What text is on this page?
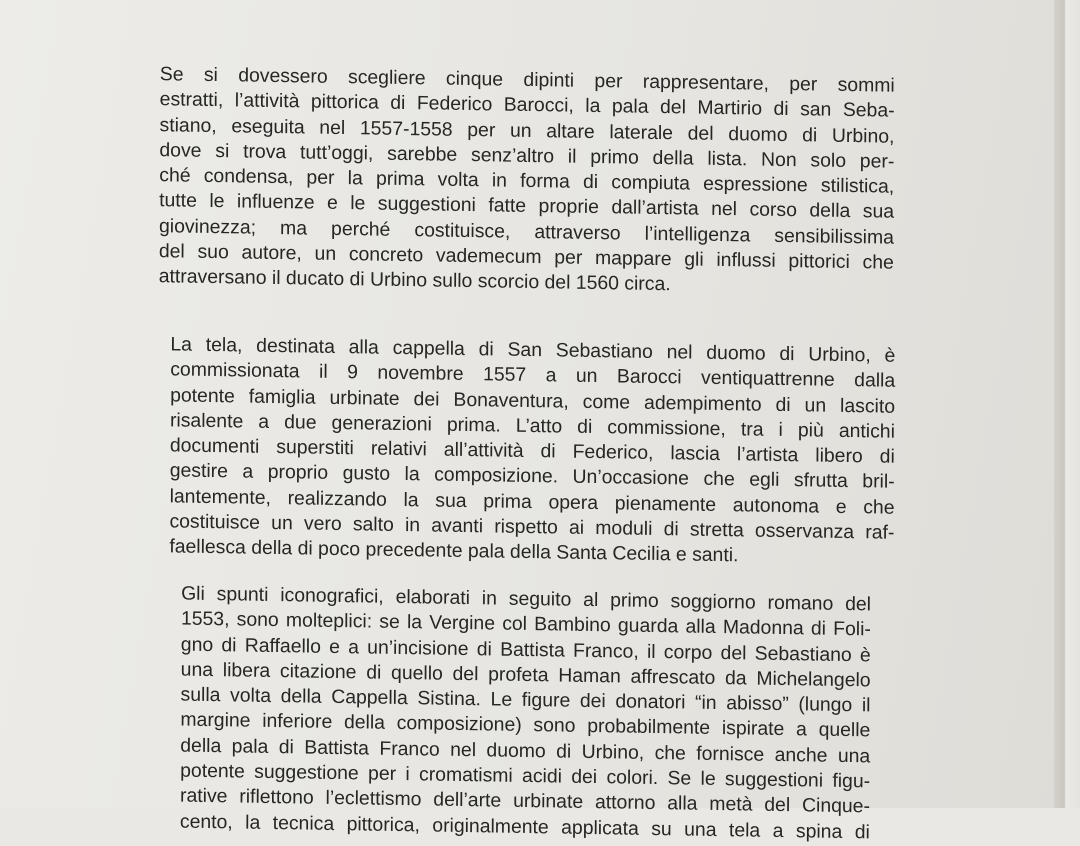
Se si dovessero scegliere cinque dipinti per rappresentare, per sommi
estratti, l’attività pittorica di Federico Barocci, la pala del Martirio di san Seba-
stiano, eseguita nel 1557-1558 per un altare laterale del duomo di Urbino,
dove si trova tutt’oggi, sarebbe senz’altro il primo della lista. Non solo per-
ché condensa, per la prima volta in forma di compiuta espressione stilistica,
tutte le influenze e le suggestioni fatte proprie dall’artista nel corso della sua
giovinezza; ma perché costituisce, attraverso l’intelligenza sensibilissima
del suo autore, un concreto vademecum per mappare gli influssi pittorici che
attraversano il ducato di Urbino sullo scorcio del 1560 circa.
La tela, destinata alla cappella di San Sebastiano nel duomo di Urbino, è
commissionata il 9 novembre 1557 a un Barocci ventiquattrenne dalla
potente famiglia urbinate dei Bonaventura, come adempimento di un lascito
risalente a due generazioni prima. L’atto di commissione, tra i più antichi
documenti superstiti relativi all’attività di Federico, lascia l’artista libero di
gestire a proprio gusto la composizione. Un’occasione che egli sfrutta bril-
lantemente, realizzando la sua prima opera pienamente autonoma e che
costituisce un vero salto in avanti rispetto ai moduli di stretta osservanza raf-
faellesca della di poco precedente pala della Santa Cecilia e santi.
Gli spunti iconografici, elaborati in seguito al primo soggiorno romano del
1553, sono molteplici: se la Vergine col Bambino guarda alla Madonna di Foli-
gno di Raffaello e a un’incisione di Battista Franco, il corpo del Sebastiano è
una libera citazione di quello del profeta Haman affrescato da Michelangelo
sulla volta della Cappella Sistina. Le figure dei donatori “in abisso” (lungo il
margine inferiore della composizione) sono probabilmente ispirate a quelle
della pala di Battista Franco nel duomo di Urbino, che fornisce anche una
potente suggestione per i cromatismi acidi dei colori. Se le suggestioni figu-
rative riflettono l’eclettismo dell’arte urbinate attorno alla metà del Cinque-
cento, la tecnica pittorica, originalmente applicata su una tela a spina di
